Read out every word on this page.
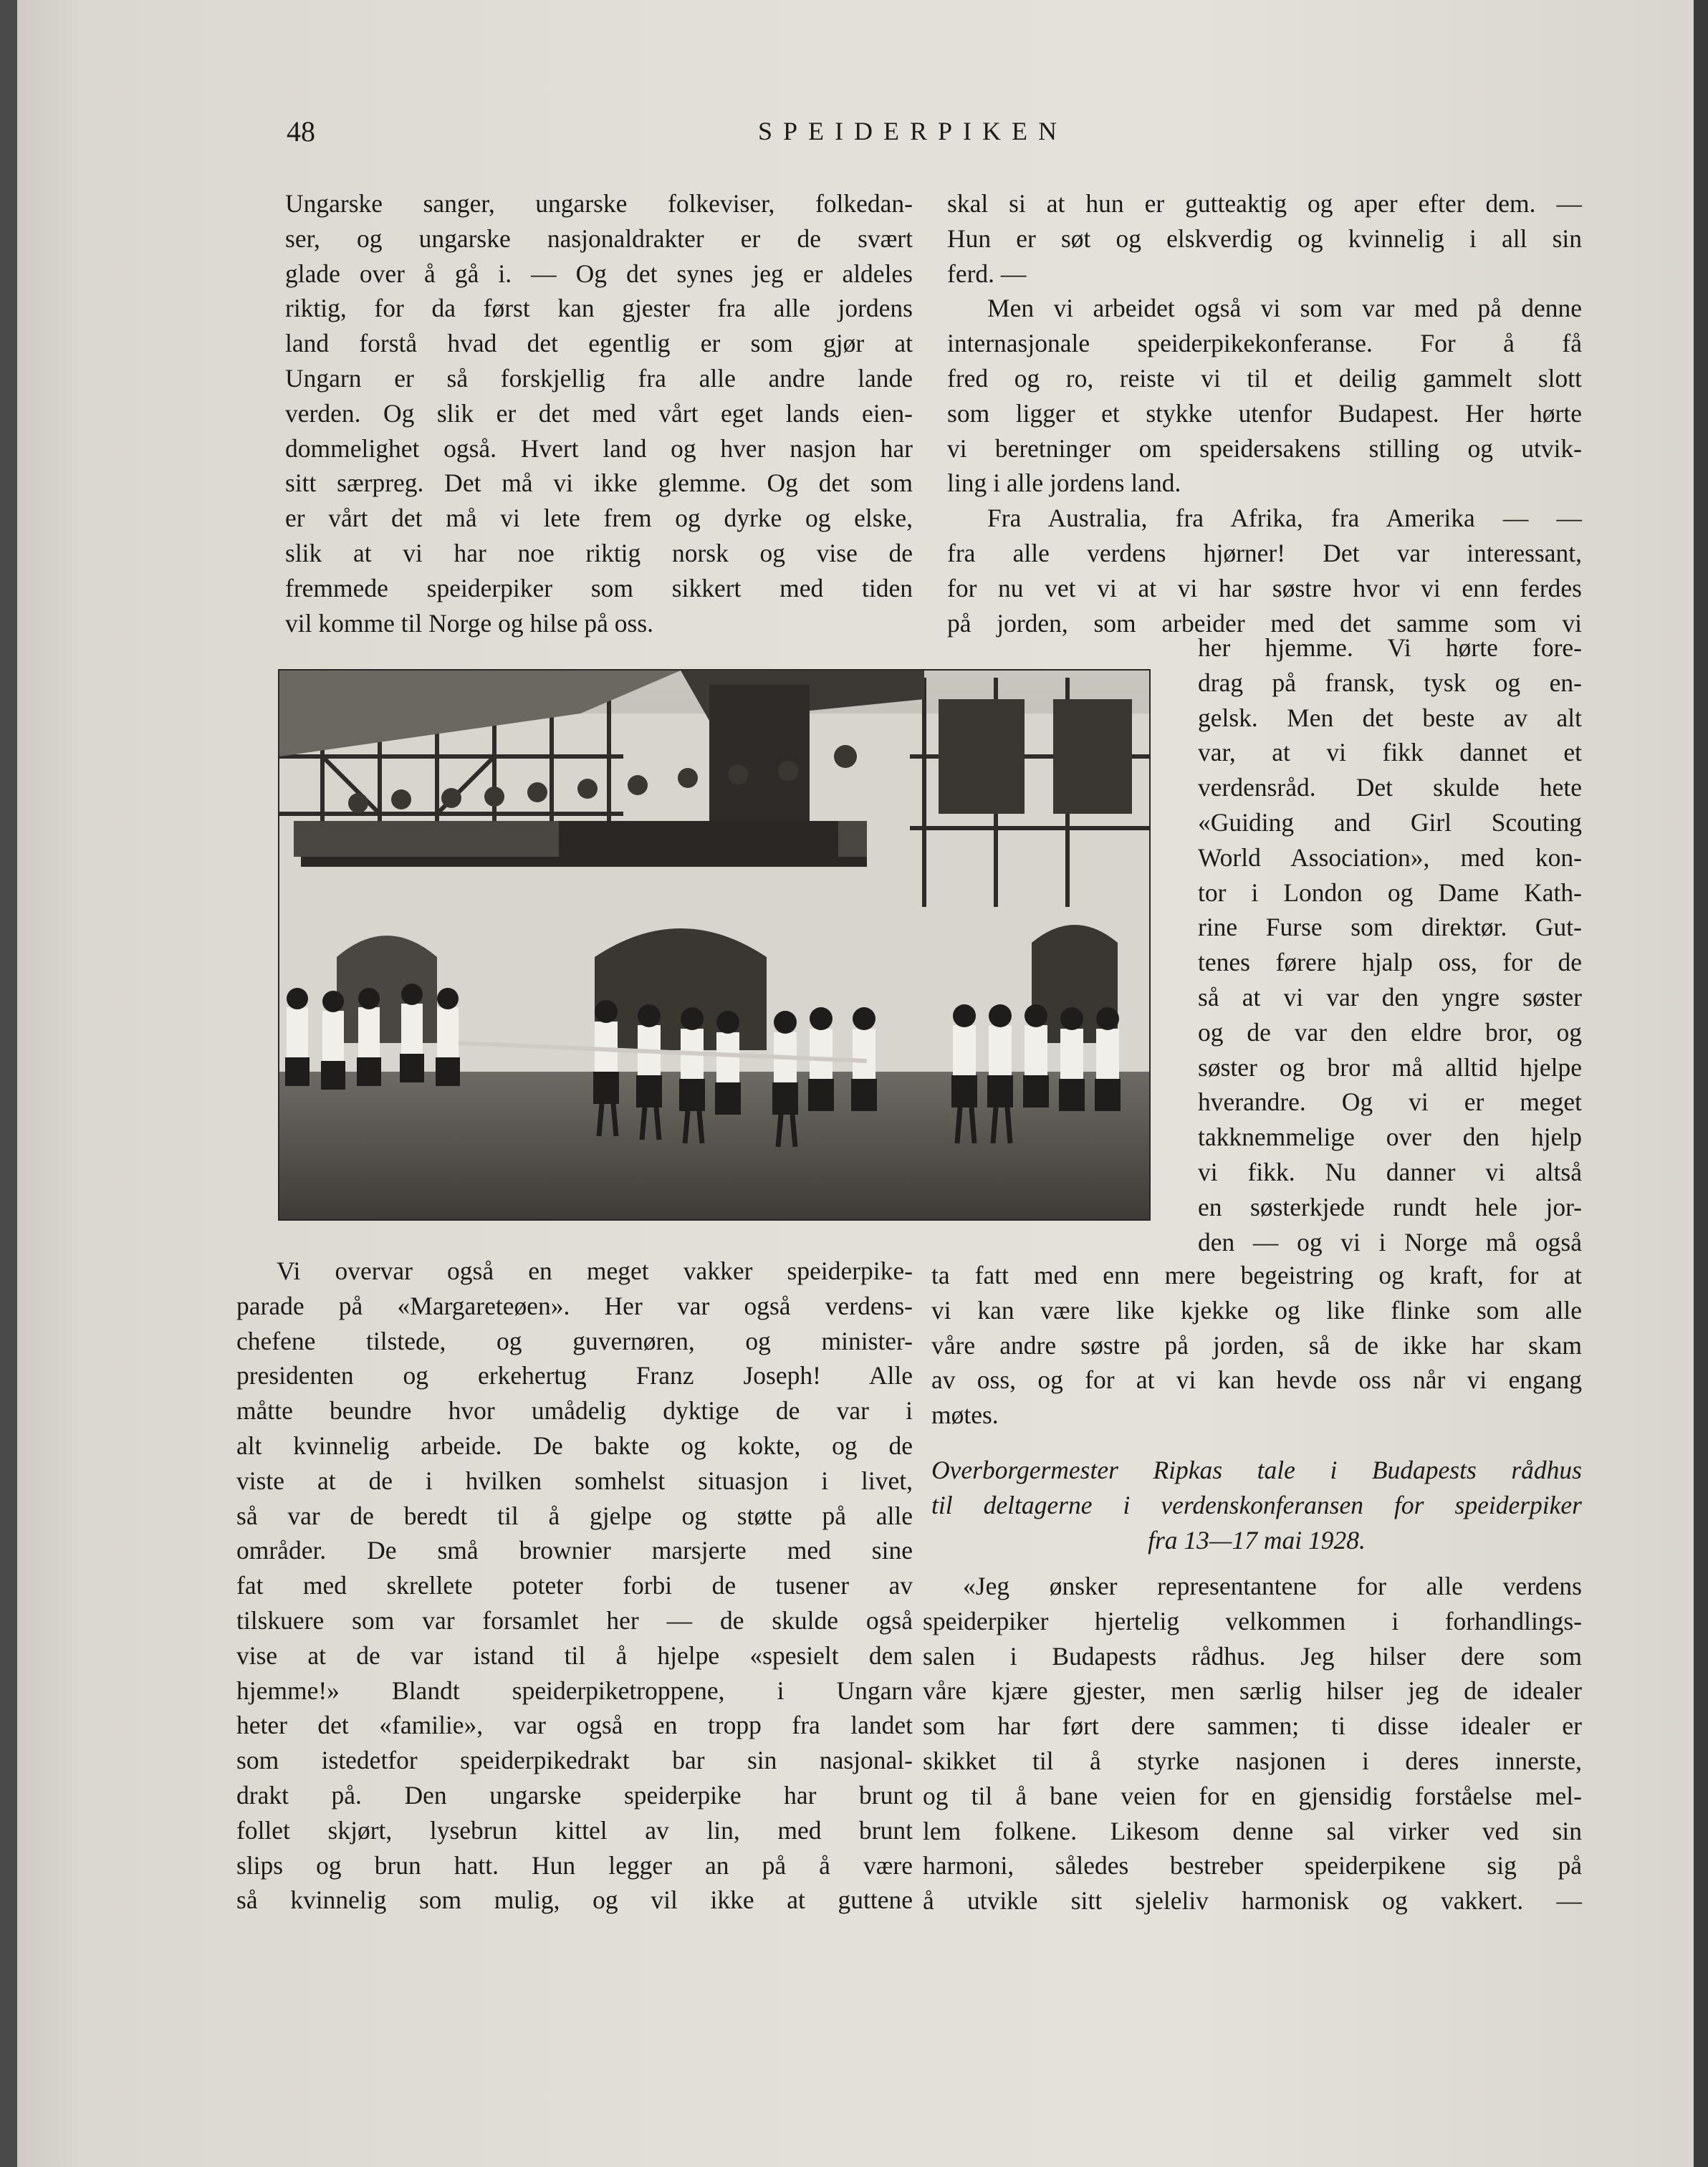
48	SPEIDERPIKEN

Ungarske sanger, ungarske folkeviser, folkedan-

ser, og ungarske nasjonaldrakter er de svært

glade over å gå i. — Og det synes jeg er aldeles

riktig, for da først kan gjester fra alle jordens

land forstå hvad det egentlig er som gjør at

Ungarn er så forskjellig fra alle andre lande

verden. Og slik er det med vårt eget lands eien-

dommelighet også. Hvert land og hver nasjon har

sitt særpreg. Det må vi ikke glemme. Og det som

er vårt det må vi lete frem og dyrke og elske,

slik at vi har noe riktig norsk og vise de

fremmede speiderpiker som sikkert med tiden

vil komme til Norge og hilse på oss.

Vi overvar også en meget vakker speiderpike-

parade på «Margareteøen». Her var også verdens-

chefene tilstede, og guvernøren, og minister-

presidenten og erkehertug Franz Joseph! Alle

måtte beundre hvor umådelig dyktige de var i

alt kvinnelig arbeide. De bakte og kokte, og de

viste at de i hvilken somhelst situasjon i livet,

så var de beredt til å gjelpe og støtte på alle

områder. De små brownier marsjerte med sine

fat med skrellete poteter forbi de tusener av

tilskuere som var forsamlet her — de skulde også

vise at de var istand til å hjelpe «spesielt dem

hjemme!» Blandt speiderpiketroppene, i Ungarn

heter det «familie», var også en tropp fra landet

som istedetfor speiderpikedrakt bar sin nasjonal-

drakt på. Den ungarske speiderpike har brunt

follet skjørt, lysebrun kittel av lin, med brunt

slips og brun hatt. Hun legger an på å være

så kvinnelig som mulig, og vil ikke at guttene

skal si at hun er gutteaktig og aper efter dem. —

Hun er søt og elskverdig og kvinnelig i all sin

ferd. —

Men vi arbeidet også vi som var med på denne

internasjonale speiderpikekonferanse. For å få

fred og ro, reiste vi til et deilig gammelt slott

som ligger et stykke utenfor Budapest. Her hørte

vi beretninger om speidersakens stilling og utvik-

ling i alle jordens land.

Fra Australia, fra Afrika, fra Amerika — —

fra alle verdens hjørner! Det var interessant,

for nu vet vi at vi har søstre hvor vi enn ferdes

på jorden, som arbeider med det samme som vi

her hjemme. Vi hørte fore-

drag på fransk, tysk og en-

gelsk. Men det beste av alt

var, at vi fikk dannet et

verdensråd. Det skulde hete

«Guiding and Girl Scouting

World Association», med kon-

tor i London og Dame Kath-

rine Furse som direktør. Gut-

tenes førere hjalp oss, for de

så at vi var den yngre søster

og de var den eldre bror, og

søster og bror må alltid hjelpe

hverandre. Og vi er meget

takknemmelige over den hjelp

vi fikk. Nu danner vi altså

en søsterkjede rundt hele jor-

den — og vi i Norge må også

ta fatt med enn mere begeistring og kraft, for at

vi kan være like kjekke og like flinke som alle

våre andre søstre på jorden, så de ikke har skam

av oss, og for at vi kan hevde oss når vi engang

møtes.

Overborgermester Ripkas tale i Budapests rådhus

til deltagerne i verdenskonferansen for speiderpiker

fra 13—17 mai 1928.

«Jeg ønsker representantene for alle verdens

speiderpiker hjertelig velkommen i forhandlings-

salen i Budapests rådhus. Jeg hilser dere som

våre kjære gjester, men særlig hilser jeg de idealer

som har ført dere sammen; ti disse idealer er

skikket til å styrke nasjonen i deres innerste,

og til å bane veien for en gjensidig forståelse mel-

lem folkene. Likesom denne sal virker ved sin

harmoni, således bestreber speiderpikene sig på

å utvikle sitt sjeleliv harmonisk og vakkert. —
